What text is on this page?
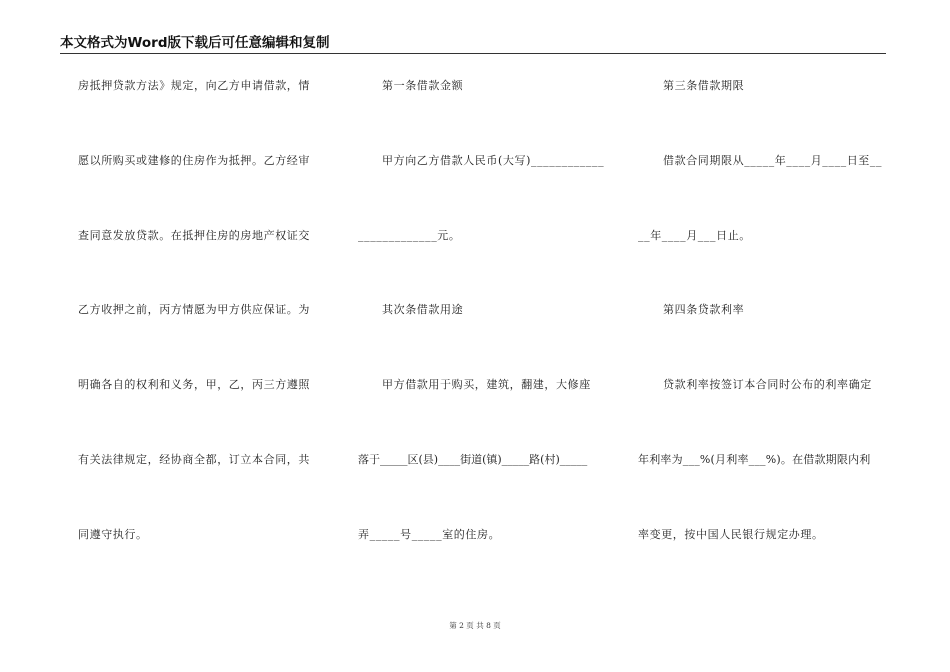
本文格式为Word版下载后可任意编辑和复制
房抵押贷款方法》规定，向乙方申请借款，情
愿以所购买或建修的住房作为抵押。乙方经审
查同意发放贷款。在抵押住房的房地产权证交
乙方收押之前，丙方情愿为甲方供应保证。为
明确各自的权利和义务，甲，乙，丙三方遵照
有关法律规定，经协商全都，订立本合同，共
同遵守执行。
第一条借款金额
甲方向乙方借款人民币(大写)____________
_____________元。
其次条借款用途
甲方借款用于购买，建筑，翻建，大修座
落于_____区(县)____街道(镇)_____路(村)_____
弄_____号_____室的住房。
第三条借款期限
借款合同期限从_____年____月____日至__
__年____月___日止。
第四条贷款利率
贷款利率按签订本合同时公布的利率确定
年利率为___%(月利率___%)。在借款期限内利
率变更，按中国人民银行规定办理。
第 2 页 共 8 页
